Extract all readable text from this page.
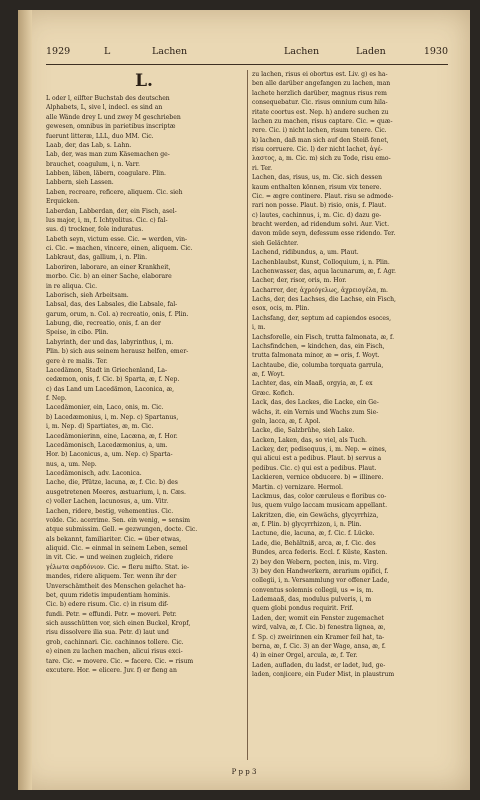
1929	L	Lachen	Lachen	Laden	1930
L.
L oder l, eilfter Buchstab des deutschen
Alphabets, L, sive l, indecl. es sind an
alle Wände drey L und zwey M geschrieben
gewesen, omnibus in parietibus inscriptæ
fuerunt litteræ, LLL, duo MM. Cic.
Laab, der, das Lab, s. Lahn.
Lab, der, was man zum Käsemachen ge-
brauchet, coagulum, i, n. Varr.
Labben, läben, läbern, coagulare. Plin.
Labbern, sieh Lassen.
Laben, recreare, reficere, aliquem. Cic. sieh
Erquicken.
Laberdan, Labberdan, der, ein Fisch, asel-
lus major, i, m, f. Ichtyolitus. Cic. c) fal-
sus. d) trockner, fole induratus.
Labeth seyn, victum esse. Cic. = werden, vin-
ci. Cic. = machen, vincere, einen, aliquem. Cic.
Labkraut, das, gallium, i, n. Plin.
Laboriren, laborare, an einer Krankheit,
morbo. Cic. b) an einer Sache, elaborare
in re aliqua. Cic.
Laborisch, sieh Arbeitsam.
Labsal, das, des Labsales, die Labsale, fal-
garum, orum, n. Col. a) recreatio, onis, f. Plin.
Labung, die, recreatio, onis, f. an der
Speise, in cibo. Plin.
Labyrinth, der und das, labyrinthus, i, m.
Plin. b) sich aus seinem herausz helfen, emer-
gere è re malis. Ter.
Lacedämon, Stadt in Griechenland, La-
cedæmon, onis, f. Cic. b) Sparta, æ, f. Nep.
c) das Land um Lacedämon, Laconica, æ,
f. Nep.
Lacedämonier, ein, Laco, onis, m. Cic.
b) Lacedæmonius, i, m. Nep. c) Spartanus,
i, m. Nep. d) Spartiates, æ, m. Cic.
Lacedämonierinn, eine, Lacæna, æ, f. Hor.
Lacedämonisch, Lacedæmonius, a, um.
Hor. b) Laconicus, a, um. Nep. c) Sparta-
nus, a, um. Nep.
Lacedämonisch, adv. Laconica.
Lache, die, Pfütze, lacuna, æ, f. Cic. b) des
ausgetretenen Meeres, æstuarium, i, n. Cæs.
c) voller Lachen, lacunosus, a, um. Vitr.
Lachen, ridere, bestig, vehementius. Cic.
volde. Cic. acerrime. Sen. ein wenig, = sensim
atque submissim. Gell. = gezwungen, docte. Cic.
als bekannt, familiariter. Cic. = über etwas,
aliquid. Cic. = einmal in seinem Leben, semel
in vit. Cic. = und weinen zugleich, ridere
γέλωτα σαρδόνιον. Cic. = fleru mifto. Stat. ie-
mandes, ridere aliquem. Ter. wenn ihr der
Unverschämtheit des Menschen gelachet ha-
bet, quum ridetis impudentiam hominis.
Cic. b) edere risum. Cic. c) in risum dif-
fundi. Petr. = effundi. Petr. = moveri. Petr.
sich ausschütten vor, sich einen Buckel, Kropf,
risu dissolvere ilia sua. Petr. d) laut und
grob, cachinnari. Cic. cachinnos tollere. Cic.
e) einen zu lachen machen, alicui risus exci-
tare. Cic. = movere. Cic. = facere. Cic. = risum
excutere. Hor. = elicere. Juv. f) er fieng an
zu lachen, risus ei obortus est. Liv. g) es ha-
ben alle darüber angefangen zu lachen, man
lachete herzlich darüber, magnus risus rem
consequebatur. Cic. risus omnium cum hila-
ritate coortus est. Nep. h) andere suchen zu
lachen zu machen, risus captare. Cic. = quæ-
rere. Cic. i) nicht lachen, risum tenere. Cic.
k) lachen, daß man sich auf den Steiß fenet,
risu corruere. Cic. l) der nicht lachet, ἀγέ-
λαστος, a, m. Cic. m) sich zu Tode, risu emo-
ri. Ter.
Lachen, das, risus, us, m. Cic. sich dessen
kaum enthalten können, risum vix tenere.
Cic. = ægre continere. Plaut. risu se admode-
rari non posse. Plaut. b) risio, onis, f. Plaut.
c) lautes, cachinnus, i, m. Cic. d) dazu ge-
bracht werden, ad ridendum solvi. Aur. Vict.
davon müde seyn, defessum esse ridendo. Ter.
sieh Gelächter.
Lachend, ridibundus, a, um. Plaut.
Lachenblaubst, Kunst, Colloquium, i, n. Plin.
Lachenwasser, das, aqua lacunarum, æ, f. Agr.
Lacher, der, risor, oris, m. Hor.
Lacharrer, der, ἀχρεόγελως, ἀχρειογέλα, m.
Lachs, der, des Lachses, die Lachse, ein Fisch,
esox, ocis, m. Plin.
Lachsfang, der, septum ad capiendos esoces,
i, m.
Lachsforelle, ein Fisch, trutta falmonata, æ, f.
Lachsfindchen, = kindchen, das, ein Fisch,
trutta falmonata minor, æ = oris, f. Woyt.
Lachtaube, die, columba torquata garrula,
æ, f. Woyt.
Lachter, das, ein Maaß, orgyia, æ, f. ex
Græc. Kofich.
Lack, das, des Lackes, die Lacke, ein Ge-
wächs, it. ein Vernis und Wachs zum Sie-
geln, lacca, æ, f. Apol.
Lacke, die, Salzbrühe, sieh Lake.
Lacken, Laken, das, so viel, als Tuch.
Lackey, der, pedisequus, i, m. Nep. = eines,
qui alicui est a pedibus. Plaut. b) servus a
pedibus. Cic. c) qui est a pedibus. Plaut.
Lackieren, vernice obducere. b) = illinere.
Martin. c) vernizare. Hermol.
Lackmus, das, color cæruleus e floribus co-
lus, quem vulgo laccam musicam appellant.
Lakritzen, die, ein Gewächs, glycyrrhiza,
æ, f. Plin. b) glycyrrhizon, i, n. Plin.
Lactune, die, lacuna, æ, f. Cic. f. Lücke.
Lade, die, Behältniß, arca, æ, f. Cic. des
Bundes, arca federis. Eccl. f. Küste, Kasten.
2) bey den Webern, pecten, inis, m. Virg.
3) bey den Handwerkern, ærarium opifici, f.
collegii, i, n. Versammlung vor offener Lade,
conventus solemnis collegii, us = is, m.
Lademaaß, das, modulus pulveris, i, m
quem globi pondus requirit. Frif.
Laden, der, womit ein Fenster zugemachet
wird, valva, æ, f. Cic. b) fenestra lignea, æ,
f. Sp. c) zweirinnen ein Kramer feil hat, ta-
berna, æ, f. Cic. 3) an der Wage, ansa, æ, f.
4) in einer Orgel, arcula, æ, f. Ter.
Laden, aufladen, du ladst, er ladet, lud, ge-
laden, conjicere, ein Fuder Mist, in plaustrum
P p p 3
